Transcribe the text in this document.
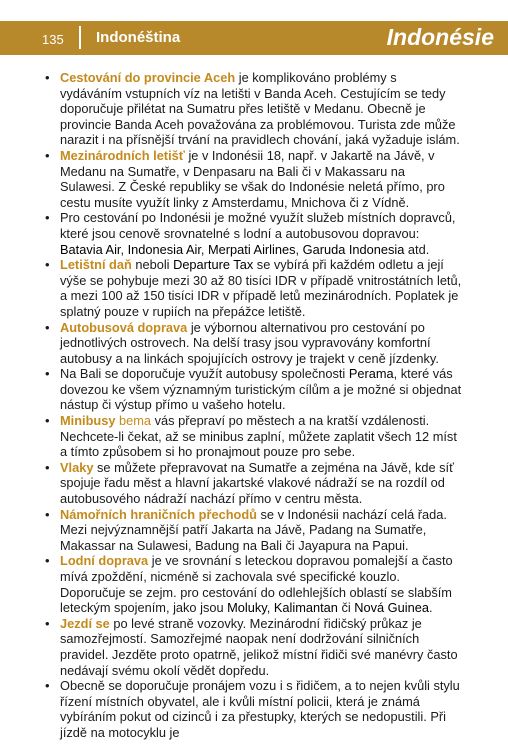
135 Indonéština	Indonésie
• Cestování do provincie Aceh je komplikováno problémy s vydáváním vstupních víz na letišti v Banda Aceh. Cestujícím se tedy doporučuje přilétat na Sumatru přes letiště v Medanu. Obecně je provincie Banda Aceh považována za problémovou. Turista zde může narazit i na přísnější trvání na pravidlech chování, jaká vyžaduje islám.
• Mezinárodních letišť je v Indonésii 18, např. v Jakartě na Jávě, v Medanu na Sumatře, v Denpasaru na Bali či v Makassaru na Sulawesi. Z České republiky se však do Indonésie neletá přímo, pro cestu musíte využít linky z Amsterdamu, Mnichova či z Vídně.
• Pro cestování po Indonésii je možné využít služeb místních dopravců, které jsou cenově srovnatelné s lodní a autobusovou dopravou: Batavia Air, Indonesia Air, Merpati Airlines, Garuda Indonesia atd.
• Letištní daň neboli Departure Tax se vybírá při každém odletu a její výše se pohybuje mezi 30 až 80 tisíci IDR v případě vnitrostátních letů, a mezi 100 až 150 tisíci IDR v případě letů mezinárodních. Poplatek je splatný pouze v rupiích na přepážce letiště.
• Autobusová doprava je výbornou alternativou pro cestování po jednotlivých ostrovech. Na delší trasy jsou vypravovány komfortní autobusy a na linkách spojujících ostrovy je trajekt v ceně jízdenky.
• Na Bali se doporučuje využít autobusy společnosti Perama, které vás dovezou ke všem významným turistickým cílům a je možné si objednat nástup či výstup přímo u vašeho hotelu.
• Minibusy bema vás přepraví po městech a na kratší vzdálenosti. Nechcete-li čekat, až se minibus zaplní, můžete zaplatit všech 12 míst a tímto způsobem si ho pronajmout pouze pro sebe.
• Vlaky se můžete přepravovat na Sumatře a zejména na Jávě, kde síť spojuje řadu měst a hlavní jakartské vlakové nádraží se na rozdíl od autobusového nádraží nachází přímo v centru města.
• Námořních hraničních přechodů se v Indonésii nachází celá řada. Mezi nejvýznamnější patří Jakarta na Jávě, Padang na Sumatře, Makassar na Sulawesi, Badung na Bali či Jayapura na Papui.
• Lodní doprava je ve srovnání s leteckou dopravou pomalejší a často mívá zpoždění, nicméně si zachovala své specifické kouzlo. Doporučuje se zejm. pro cestování do odlehlejších oblastí se slabším leteckým spojením, jako jsou Moluky, Kalimantan či Nová Guinea.
• Jezdí se po levé straně vozovky. Mezinárodní řidičský průkaz je samozřejmostí. Samozřejmé naopak není dodržování silničních pravidel. Jezděte proto opatrně, jelikož místní řidiči své manévry často nedávají svému okolí vědět dopředu.
• Obecně se doporučuje pronájem vozu i s řidičem, a to nejen kvůli stylu řízení místních obyvatel, ale i kvůli místní policii, která je známá vybíráním pokut od cizinců i za přestupky, kterých se nedopustili. Při jízdě na motocyklu je
